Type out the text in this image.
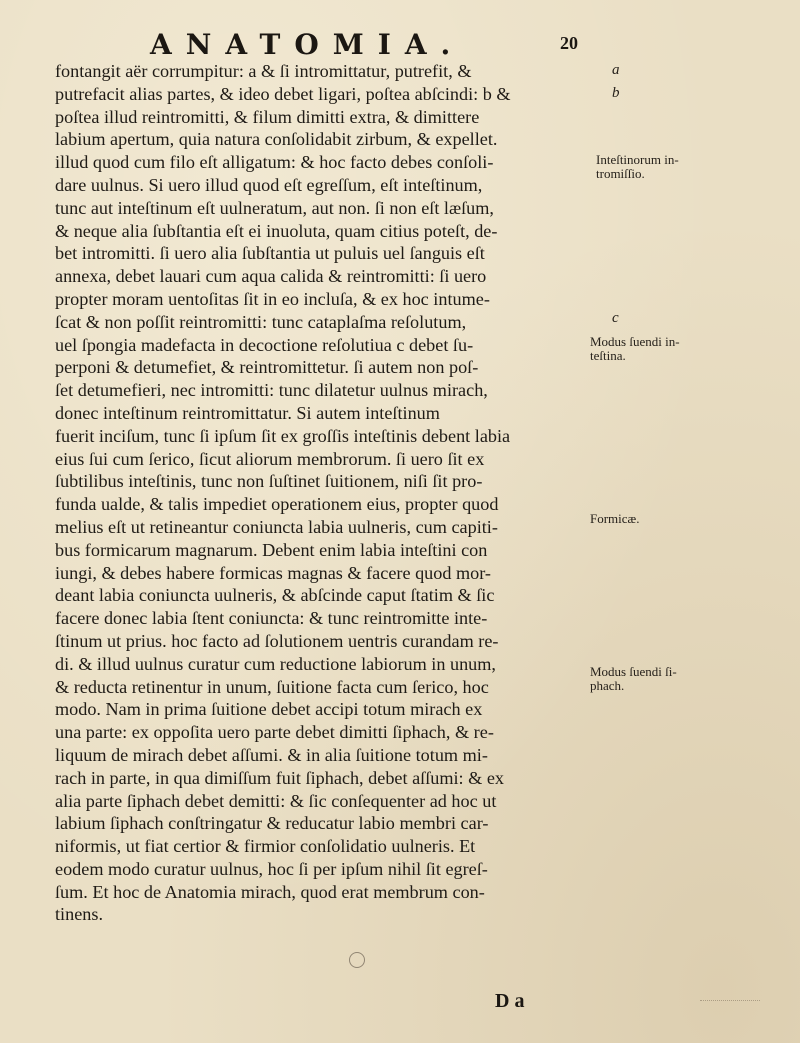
ANATOMIA.	20
fontangit aër corrumpitur: a & ſi intromittatur, putrefit, &
putrefacit alias partes, & ideo debet ligari, poſtea abſcindi: b &
poſtea illud reintromitti, & filum dimitti extra, & dimittere
labium apertum, quia natura conſolidabit zirbum, & expellet.
illud quod cum filo eſt alligatum: & hoc facto debes conſoli-
dare uulnus. Si uero illud quod eſt egreſſum, eſt inteſtinum,
tunc aut inteſtinum eſt uulneratum, aut non. ſi non eſt læſum,
& neque alia ſubſtantia eſt ei inuoluta, quam citius poteſt, de-
bet intromitti. ſi uero alia ſubſtantia ut puluis uel ſanguis eſt
annexa, debet lauari cum aqua calida & reintromitti: ſi uero
propter moram uentoſitas ſit in eo incluſa, & ex hoc intume-
ſcat & non poſſit reintromitti: tunc cataplaſma reſolutum,
uel ſpongia madefacta in decoctione reſolutiua c debet ſu-
perponi & detumefiet, & reintromittetur. ſi autem non poſ-
ſet detumefieri, nec intromitti: tunc dilatetur uulnus mirach,
donec inteſtinum reintromittatur. Si autem inteſtinum
fuerit inciſum, tunc ſi ipſum ſit ex groſſis inteſtinis debent labia
eius ſui cum ſerico, ſicut aliorum membrorum. ſi uero ſit ex
ſubtilibus inteſtinis, tunc non ſuſtinet ſuitionem, niſi ſit pro-
funda ualde, & talis impediet operationem eius, propter quod
melius eſt ut retineantur coniuncta labia uulneris, cum capiti-
bus formicarum magnarum. Debent enim labia inteſtini con
iungi, & debes habere formicas magnas & facere quod mor-
deant labia coniuncta uulneris, & abſcinde caput ſtatim & ſic
facere donec labia ſtent coniuncta: & tunc reintromitte inte-
ſtinum ut prius. hoc facto ad ſolutionem uentris curandam re-
di. & illud uulnus curatur cum reductione labiorum in unum,
& reducta retinentur in unum, ſuitione facta cum ſerico, hoc
modo. Nam in prima ſuitione debet accipi totum mirach ex
una parte: ex oppoſita uero parte debet dimitti ſiphach, & re-
liquum de mirach debet aſſumi. & in alia ſuitione totum mi-
rach in parte, in qua dimiſſum fuit ſiphach, debet aſſumi: & ex
alia parte ſiphach debet demitti: & ſic conſequenter ad hoc ut
labium ſiphach conſtringatur & reducatur labio membri car-
niformis, ut fiat certior & firmior conſolidatio uulneris. Et
eodem modo curatur uulnus, hoc ſi per ipſum nihil ſit egreſ-
ſum. Et hoc de Anatomia mirach, quod erat membrum con-
tinens.
a
b
Inteſtinorum in-
tromiſſio.
c
Modus ſuendi in-
teſtina.
Formicæ.
Modus ſuendi ſi-
phach.
D a
